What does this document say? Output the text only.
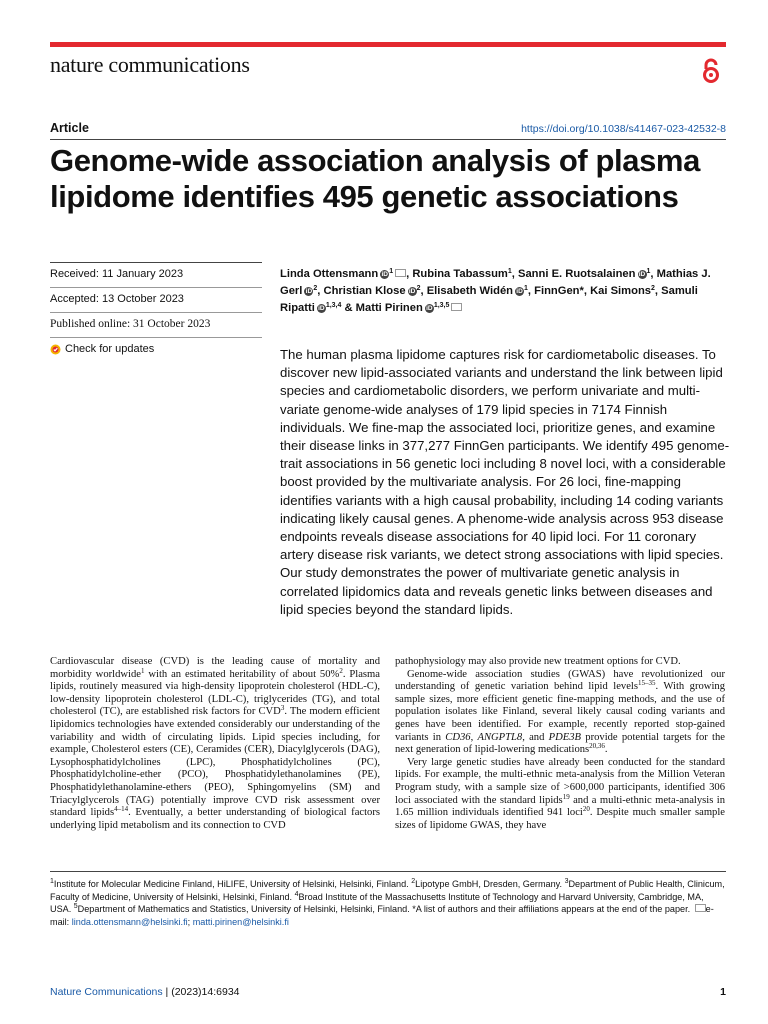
nature communications
Article	https://doi.org/10.1038/s41467-023-42532-8
Genome-wide association analysis of plasma lipidome identifies 495 genetic associations
Received: 11 January 2023
Accepted: 13 October 2023
Published online: 31 October 2023
Check for updates
Linda Ottensmann $iD^1$ , Rubina Tabassum$^1$, Sanni E. Ruotsalainen $iD^1$, Mathias J. Gerl $iD^2$, Christian Klose $iD^2$, Elisabeth Widén $iD^1$, FinnGen*, Kai Simons$^2$, Samuli Ripatti iD$^{1,3,4}$ & Matti Pirinen iD$^{1,3,5}$

The human plasma lipidome captures risk for cardiometabolic diseases. To discover new lipid-associated variants and understand the link between lipid species and cardiometabolic disorders, we perform univariate and multi-variate genome-wide analyses of 179 lipid species in 7174 Finnish individuals. We fine-map the associated loci, prioritize genes, and examine their disease links in 377,277 FinnGen participants. We identify 495 genome-trait associations in 56 genetic loci including 8 novel loci, with a considerable boost provided by the multivariate analysis. For 26 loci, fine-mapping identifies variants with a high causal probability, including 14 coding variants indicating likely causal genes. A phenome-wide analysis across 953 disease endpoints reveals disease associations for 40 lipid loci. For 11 coronary artery disease risk variants, we detect strong associations with lipid species. Our study demonstrates the power of multivariate genetic analysis in correlated lipidomics data and reveals genetic links between diseases and lipid species beyond the standard lipids.

Cardiovascular disease (CVD) is the leading cause of mortality and morbidity worldwide$^1$ with an estimated heritability of about 50%$^2$. Plasma lipids, routinely measured via high-density lipoprotein cholesterol (HDL-C), low-density lipoprotein cholesterol (LDL-C), triglycerides (TG), and total cholesterol (TC), are established risk factors for CVD$^3$. The modern efficient lipidomics technologies have extended considerably our understanding of the variability and width of circulating lipids. Lipid species including, for example, Cholesterol esters (CE), Ceramides (CER), Diacylglycerols (DAG), Lysophosphatidylcholines (LPC), Phosphatidylcholines (PC), Phosphatidylcholine-ether (PCO), Phosphatidylethanolamines (PE), Phosphatidylethanolamine-ethers (PEO), Sphingomyelins (SM) and Triacylglycerols (TAG) potentially improve CVD risk assessment over standard lipids$^{4-14}$. Eventually, a better understanding of biological factors underlying lipid metabolism and its connection to CVD

pathophysiology may also provide new treatment options for CVD.

Genome-wide association studies (GWAS) have revolutionized our understanding of genetic variation behind lipid levels$^{15-35}$. With growing sample sizes, more efficient genetic fine-mapping methods, and the use of population isolates like Finland, several likely causal coding variants and genes have been identified. For example, recently reported stop-gained variants in CD36, ANGPTL8, and PDE3B provide potential targets for the next generation of lipid-lowering medications$^{20,36}$.

Very large genetic studies have already been conducted for the standard lipids. For example, the multi-ethnic meta-analysis from the Million Veteran Program study, with a sample size of >600,000 participants, identified 306 loci associated with the standard lipids$^{19}$ and a multi-ethnic meta-analysis in 1.65 million individuals identified 941 loci$^{20}$. Despite much smaller sample sizes of lipidome GWAS, they have

$^1$Institute for Molecular Medicine Finland, HiLIFE, University of Helsinki, Helsinki, Finland. $^2$Lipotype GmbH, Dresden, Germany. $^3$Department of Public Health, Clinicum, Faculty of Medicine, University of Helsinki, Helsinki, Finland. $^4$Broad Institute of the Massachusetts Institute of Technology and Harvard University, Cambridge, MA, USA. $^5$Department of Mathematics and Statistics, University of Helsinki, Helsinki, Finland. *A list of authors and their affiliations appears at the end of the paper. e-mail: linda.ottensmann@helsinki.fi; matti.pirinen@helsinki.fi

Nature Communications | (2023)14:6934	1
